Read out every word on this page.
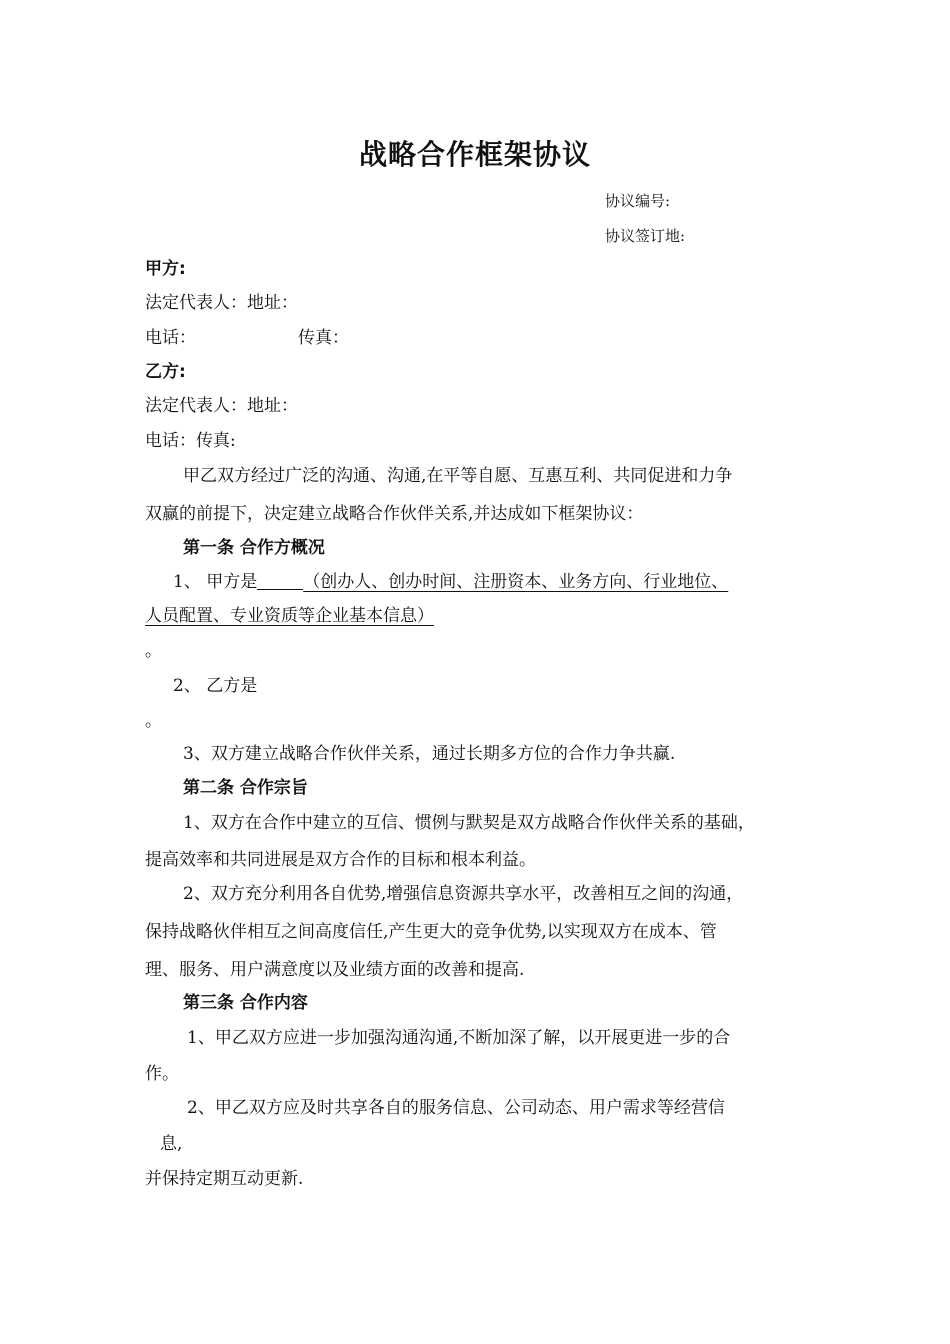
战略合作框架协议
协议编号:
协议签订地:
甲方:
法定代表人：地址：
电话：	传真：
乙方:
法定代表人：地址：
电话：传真:
甲乙双方经过广泛的沟通、沟通,在平等自愿、互惠互利、共同促进和力争
双赢的前提下，决定建立战略合作伙伴关系,并达成如下框架协议：
第一条 合作方概况
1、 甲方是	（创办人、创办时间、注册资本、业务方向、行业地位、
人员配置、专业资质等企业基本信息）
。
2、 乙方是
。
3、双方建立战略合作伙伴关系，通过长期多方位的合作力争共赢.
第二条 合作宗旨
1、双方在合作中建立的互信、惯例与默契是双方战略合作伙伴关系的基础，
提高效率和共同进展是双方合作的目标和根本利益。
2、双方充分利用各自优势,增强信息资源共享水平，改善相互之间的沟通，
保持战略伙伴相互之间高度信任,产生更大的竞争优势,以实现双方在成本、管
理、服务、用户满意度以及业绩方面的改善和提高.
第三条 合作内容
1、甲乙双方应进一步加强沟通沟通,不断加深了解，以开展更进一步的合
作。
2、甲乙双方应及时共享各自的服务信息、公司动态、用户需求等经营信
息,
并保持定期互动更新.
